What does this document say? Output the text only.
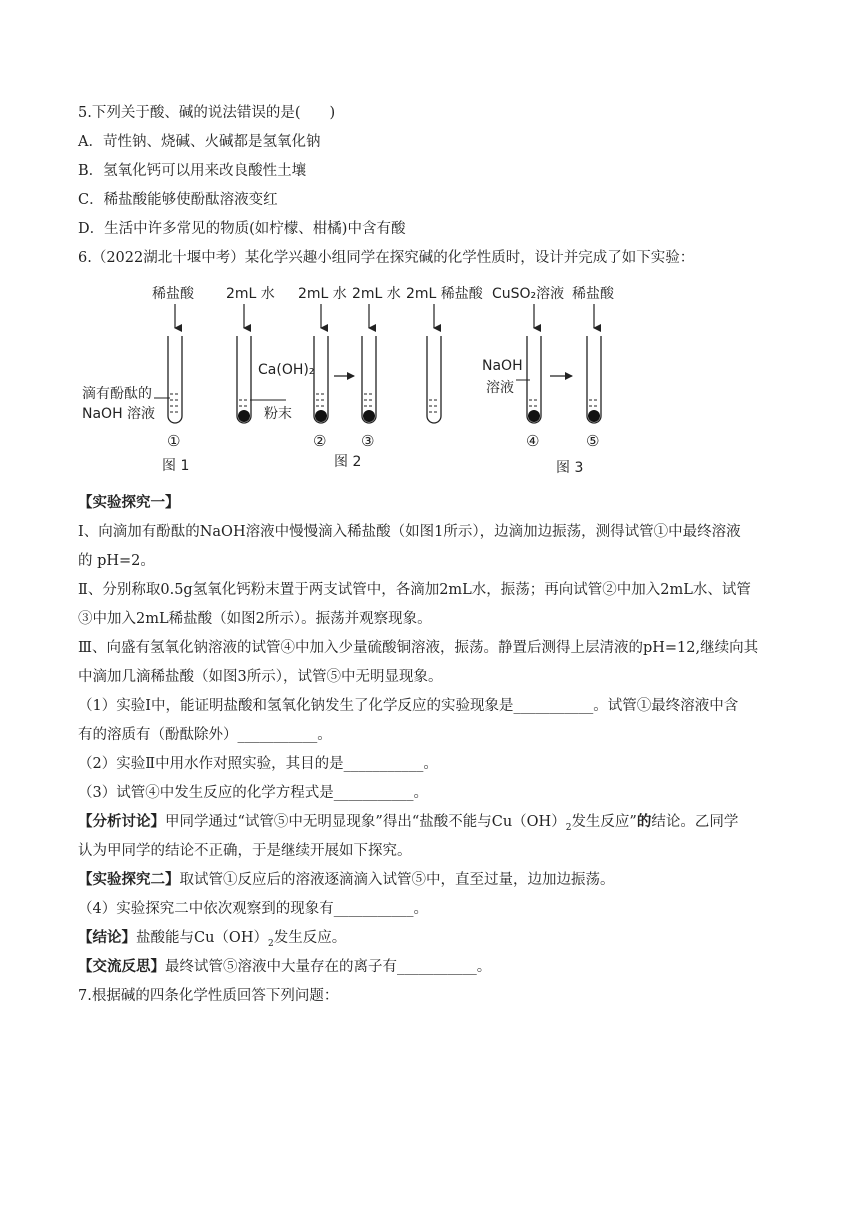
5.下列关于酸、碱的说法错误的是(　　)
A．苛性钠、烧碱、火碱都是氢氧化钠
B．氢氧化钙可以用来改良酸性土壤
C．稀盐酸能够使酚酞溶液变红
D．生活中许多常见的物质(如柠檬、柑橘)中含有酸
6.（2022湖北十堰中考）某化学兴趣小组同学在探究碱的化学性质时，设计并完成了如下实验：
稀盐酸 2mL 水 2mL 水 2mL 水 2mL 稀盐酸 CuSO₂溶液 稀盐酸
滴有酚酞的
NaOH 溶液
Ca(OH)₂
粉末
NaOH
溶液
①	② ③	④	⑤
图 1	图 2	图 3
【实验探究一】
Ⅰ、向滴加有酚酞的NaOH溶液中慢慢滴入稀盐酸（如图1所示），边滴加边振荡，测得试管①中最终溶液
的 pH=2。
Ⅱ、分别称取0.5g氢氧化钙粉末置于两支试管中，各滴加2mL水，振荡；再向试管②中加入2mL水、试管
③中加入2mL稀盐酸（如图2所示）。振荡并观察现象。
Ⅲ、向盛有氢氧化钠溶液的试管④中加入少量硫酸铜溶液，振荡。静置后测得上层清液的pH=12,继续向其
中滴加几滴稀盐酸（如图3所示），试管⑤中无明显现象。
（1）实验Ⅰ中，能证明盐酸和氢氧化钠发生了化学反应的实验现象是___________。试管①最终溶液中含
有的溶质有（酚酞除外）___________。
（2）实验Ⅱ中用水作对照实验，其目的是___________。
（3）试管④中发生反应的化学方程式是___________。
【分析讨论】甲同学通过“试管⑤中无明显现象”得出“盐酸不能与$Cu(OH)_2$发生反应”的结论。乙同学
认为甲同学的结论不正确，于是继续开展如下探究。
【实验探究二】取试管①反应后的溶液逐滴滴入试管⑤中，直至过量，边加边振荡。
（4）实验探究二中依次观察到的现象有___________。
【结论】盐酸能与$Cu(OH)_2$发生反应。
【交流反思】最终试管⑤溶液中大量存在的离子有___________。
7.根据碱的四条化学性质回答下列问题：
